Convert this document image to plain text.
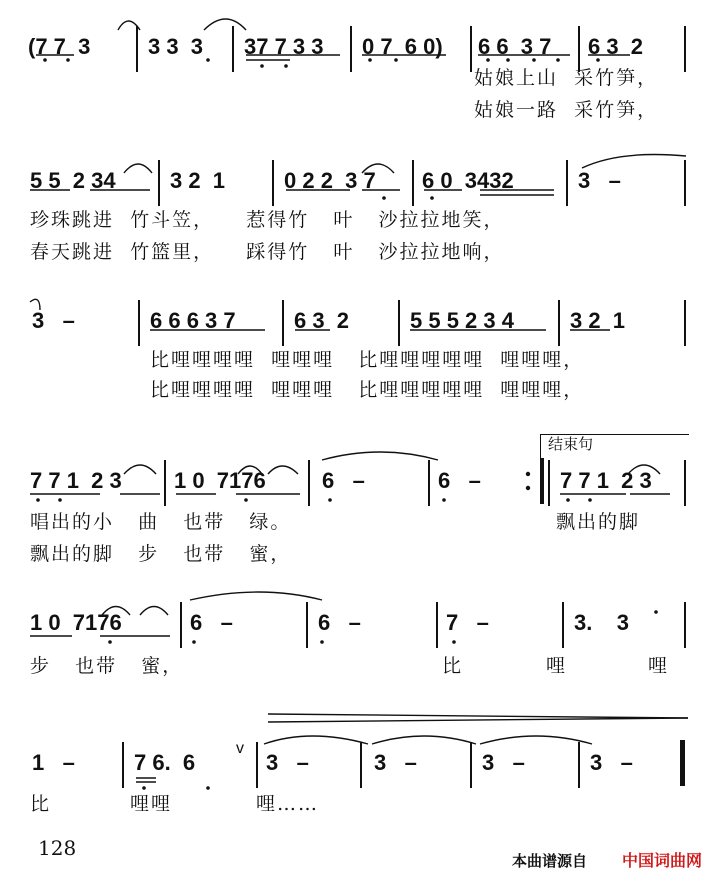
(7 7  3	3 3  3 37 7 3 3 0 7  6 0) 6 6  3 7 6 3  2
姑娘上山  采竹笋，
姑娘一路  采竹笋，
5 5  2 34 3 2  1	0 2 2  3 7 6 0  3432	3   –
珍珠跳进  竹斗笠，    惹得竹   叶   沙拉拉地笑，
春天跳进  竹篮里，    踩得竹   叶   沙拉拉地响，
3   –	6 6 6 3 7	6 3  2	5 5 5 2 3 4	3 2  1
比哩哩哩哩  哩哩哩   比哩哩哩哩哩  哩哩哩，
比哩哩哩哩  哩哩哩   比哩哩哩哩哩  哩哩哩，
结束句
7 7 1  2 3 1 0  7176	6   –	6   –	7 7 1  2 3
唱出的小   曲   也带   绿。
飘出的脚   步   也带   蜜，
飘出的脚
1 0  7176	6   –	6   –	7   –	3.    3
步   也带   蜜，	比	哩	哩
1   –	7 6.  6
v
3   –	3   –	3   –	3   –
比	哩哩	哩……
128
本曲谱源自 中国词曲网
